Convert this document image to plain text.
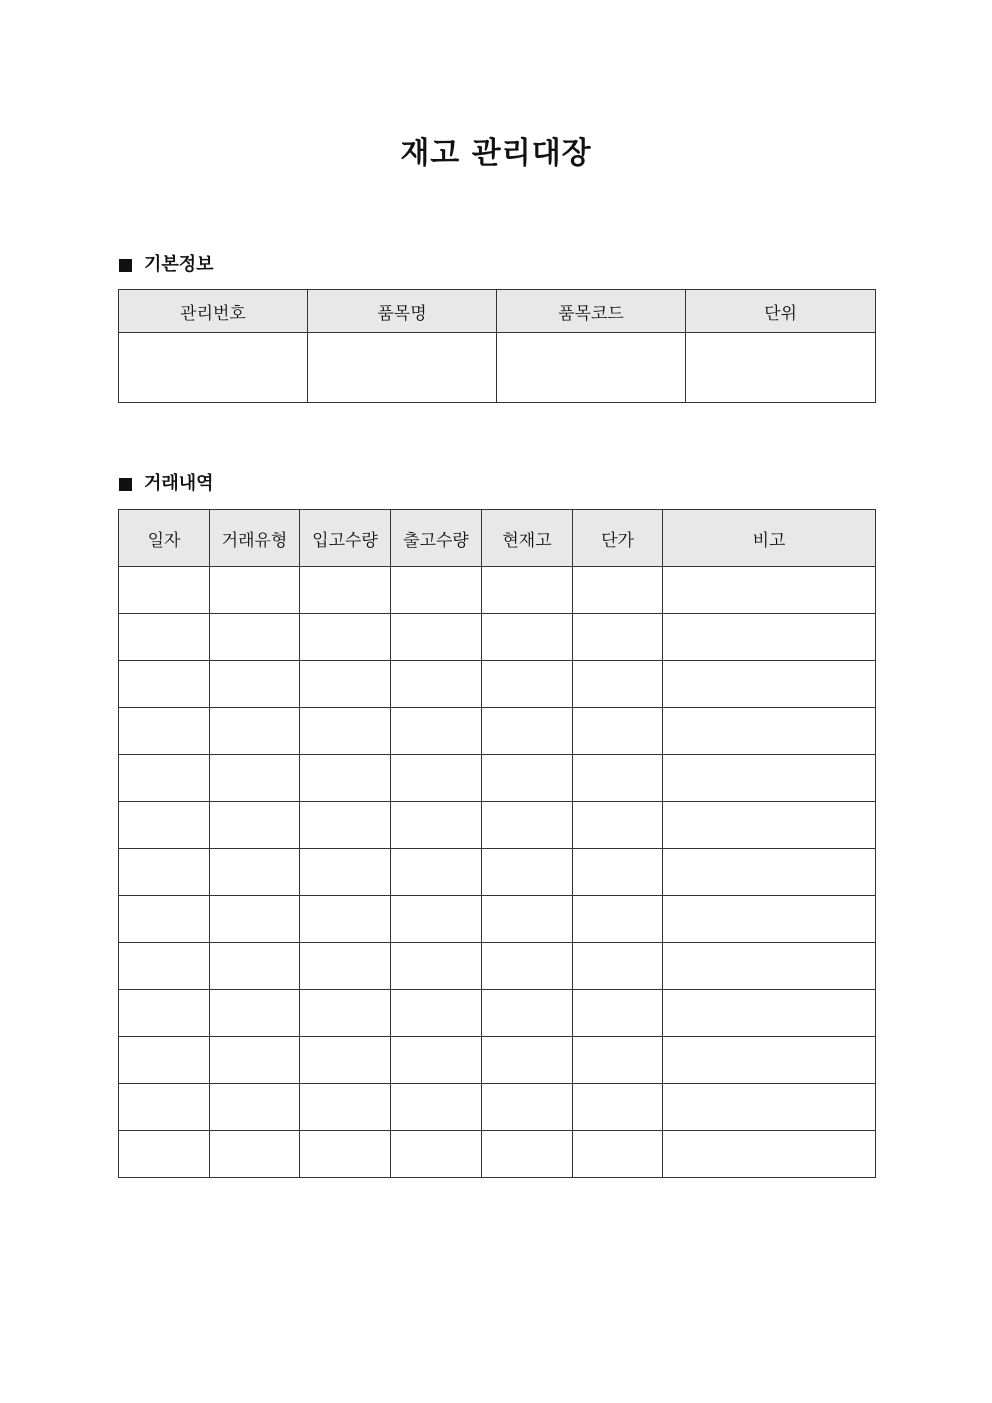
재고 관리대장
기본정보
관리번호	품목명	품목코드	단위

거래내역
일자	거래유형	입고수량	출고수량	현재고	단가	비고
